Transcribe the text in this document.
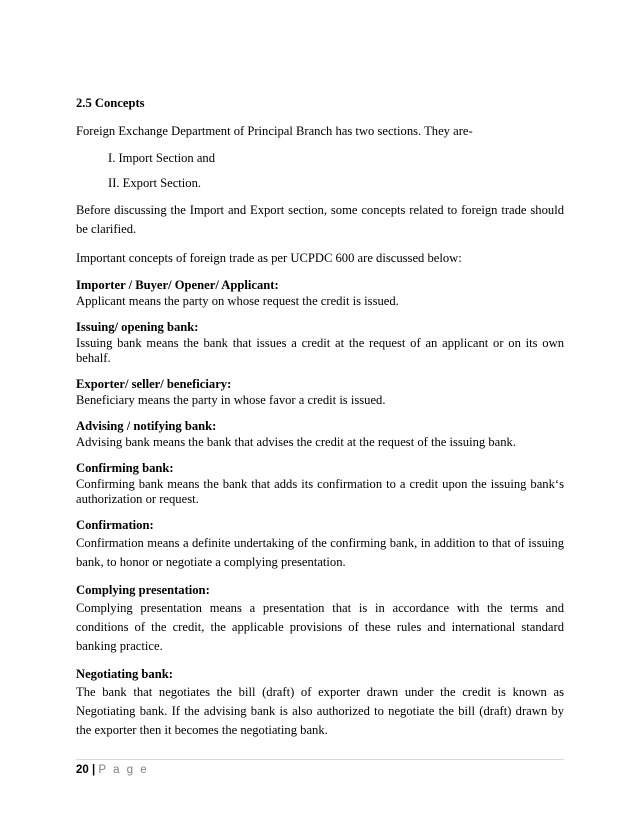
2.5 Concepts

Foreign Exchange Department of Principal Branch has two sections. They are-

I. Import Section and

II. Export Section.

Before discussing the Import and Export section, some concepts related to foreign trade should be clarified.

Important concepts of foreign trade as per UCPDC 600 are discussed below:

Importer / Buyer/ Opener/ Applicant:

Applicant means the party on whose request the credit is issued.

Issuing/ opening bank:

Issuing bank means the bank that issues a credit at the request of an applicant or on its own behalf.

Exporter/ seller/ beneficiary:

Beneficiary means the party in whose favor a credit is issued.

Advising / notifying bank:

Advising bank means the bank that advises the credit at the request of the issuing bank.

Confirming bank:

Confirming bank means the bank that adds its confirmation to a credit upon the issuing bank‘s authorization or request.

Confirmation:

Confirmation means a definite undertaking of the confirming bank, in addition to that of issuing bank, to honor or negotiate a complying presentation.

Complying presentation:

Complying presentation means a presentation that is in accordance with the terms and conditions of the credit, the applicable provisions of these rules and international standard banking practice.

Negotiating bank:

The bank that negotiates the bill (draft) of exporter drawn under the credit is known as Negotiating bank. If the advising bank is also authorized to negotiate the bill (draft) drawn by the exporter then it becomes the negotiating bank.

20 | P a g e
